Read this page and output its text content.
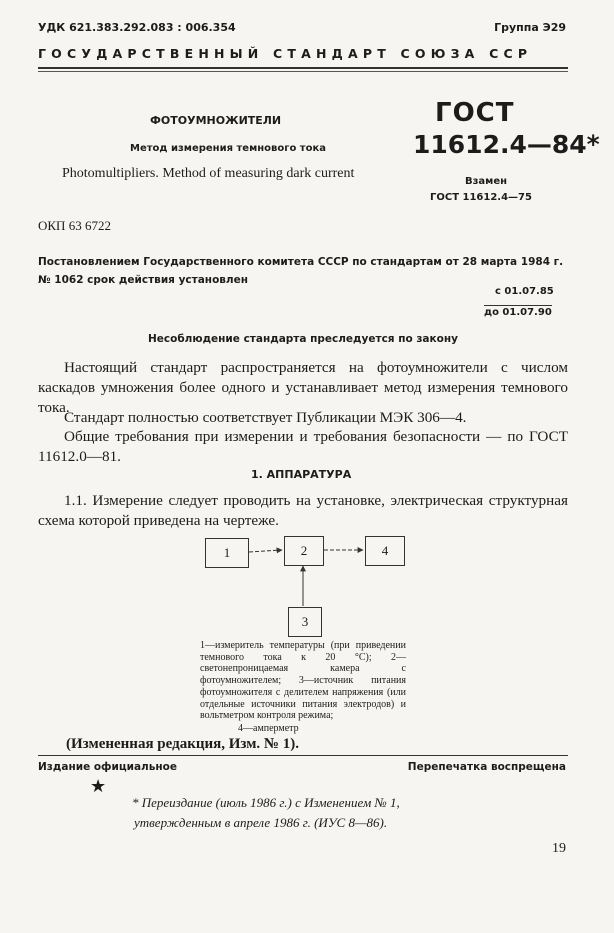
УДК 621.383.292.083 : 006.354	Группа Э29
ГОСУДАРСТВЕННЫЙ СТАНДАРТ СОЮЗА ССР
ФОТОУМНОЖИТЕЛИ
Метод измерения темнового тока
Photomultipliers. Method of measuring dark current
ГОСТ
11612.4—84*
Взамен
ГОСТ 11612.4—75
ОКП 63 6722
Постановлением Государственного комитета СССР по стандартам от 28 марта 1984 г. № 1062 срок действия установлен
с 01.07.85
до 01.07.90
Несоблюдение стандарта преследуется по закону
Настоящий стандарт распространяется на фотоумножители с числом каскадов умножения более одного и устанавливает метод измерения темнового тока.
Стандарт полностью соответствует Публикации МЭК 306—4.
Общие требования при измерении и требования безопасности — по ГОСТ 11612.0—81.
1. АППАРАТУРА
1.1. Измерение следует проводить на установке, электрическая структурная схема которой приведена на чертеже.
1	2
3
4
1—измеритель температуры (при приведении темнового тока к 20 °С); 2—светонепроницаемая камера с фотоумножителем; 3—источник питания фотоумножителя с делителем напряжения (или отдельные источники питания электродов) и вольтметром контроля режима;
4—амперметр
(Измененная редакция, Изм. № 1).
Издание официальное	Перепечатка воспрещена
★
* Переиздание (июль 1986 г.) с Изменением № 1,
утвержденным в апреле 1986 г. (ИУС 8—86).
19
